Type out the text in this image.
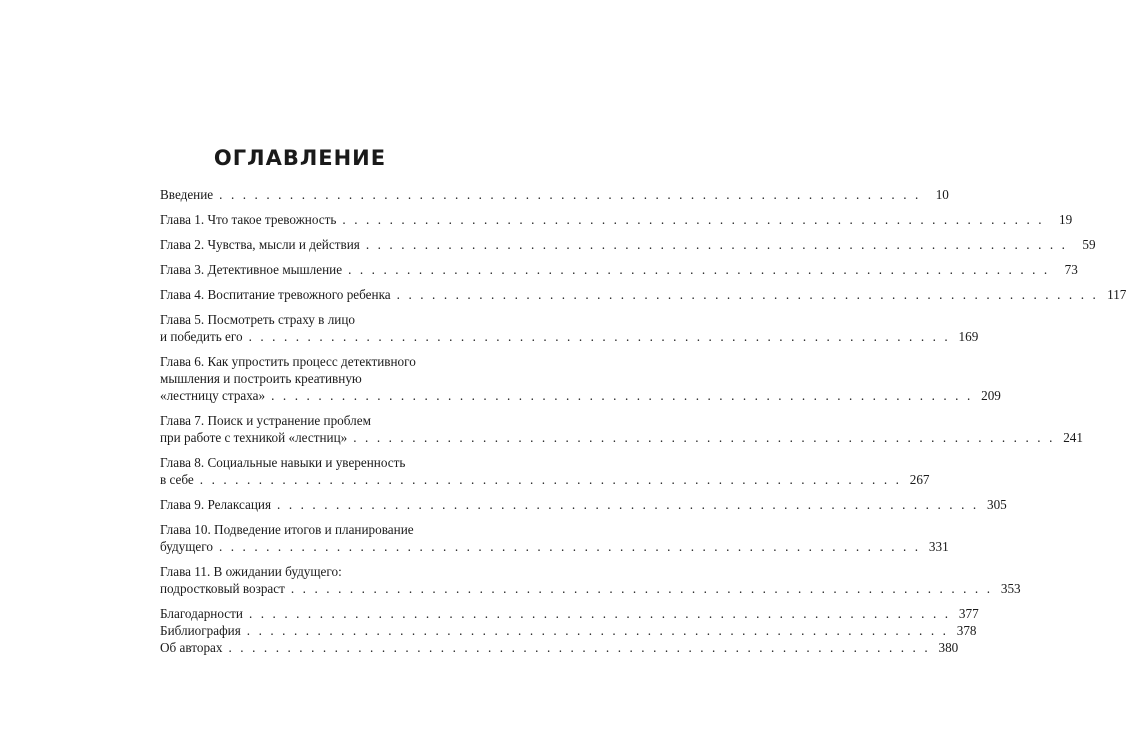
ОГЛАВЛЕНИЕ
Введение . . . . . . . . . . . . . . . . . . . . . . . . . . . . . . . . . . . . . . . . . . . . . . . . . . . . . . . . . . . .	10
Глава 1. Что такое тревожность . . . . . . . . . . . . . . . . . . . . . . . . . . . . . . . . . . . . . . . . . . . . . . . . . . . . . . . . . . . .	19
Глава 2. Чувства, мысли и действия . . . . . . . . . . . . . . . . . . . . . . . . . . . . . . . . . . . . . . . . . . . . . . . . . . . . . . . . . . . .	59
Глава 3. Детективное мышление . . . . . . . . . . . . . . . . . . . . . . . . . . . . . . . . . . . . . . . . . . . . . . . . . . . . . . . . . . . .	73
Глава 4. Воспитание тревожного ребенка . . . . . . . . . . . . . . . . . . . . . . . . . . . . . . . . . . . . . . . . . . . . . . . . . . . . . . . . . . . . 117
Глава 5. Посмотреть страху в лицо
и победить его . . . . . . . . . . . . . . . . . . . . . . . . . . . . . . . . . . . . . . . . . . . . . . . . . . . . . . . . . . . . 169
Глава 6. Как упростить процесс детективного
мышления и построить креативную
«лестницу страха» . . . . . . . . . . . . . . . . . . . . . . . . . . . . . . . . . . . . . . . . . . . . . . . . . . . . . . . . . . . . 209
Глава 7. Поиск и устранение проблем
при работе с техникой «лестниц» . . . . . . . . . . . . . . . . . . . . . . . . . . . . . . . . . . . . . . . . . . . . . . . . . . . . . . . . . . . . 241
Глава 8. Социальные навыки и уверенность
в себе . . . . . . . . . . . . . . . . . . . . . . . . . . . . . . . . . . . . . . . . . . . . . . . . . . . . . . . . . . . . 267
Глава 9. Релаксация . . . . . . . . . . . . . . . . . . . . . . . . . . . . . . . . . . . . . . . . . . . . . . . . . . . . . . . . . . . . 305
Глава 10. Подведение итогов и планирование
будущего . . . . . . . . . . . . . . . . . . . . . . . . . . . . . . . . . . . . . . . . . . . . . . . . . . . . . . . . . . . . 331
Глава 11. В ожидании будущего:
подростковый возраст . . . . . . . . . . . . . . . . . . . . . . . . . . . . . . . . . . . . . . . . . . . . . . . . . . . . . . . . . . . . 353
Благодарности . . . . . . . . . . . . . . . . . . . . . . . . . . . . . . . . . . . . . . . . . . . . . . . . . . . . . . . . . . . . 377
Библиография . . . . . . . . . . . . . . . . . . . . . . . . . . . . . . . . . . . . . . . . . . . . . . . . . . . . . . . . . . . . 378
Об авторах . . . . . . . . . . . . . . . . . . . . . . . . . . . . . . . . . . . . . . . . . . . . . . . . . . . . . . . . . . . . 380
